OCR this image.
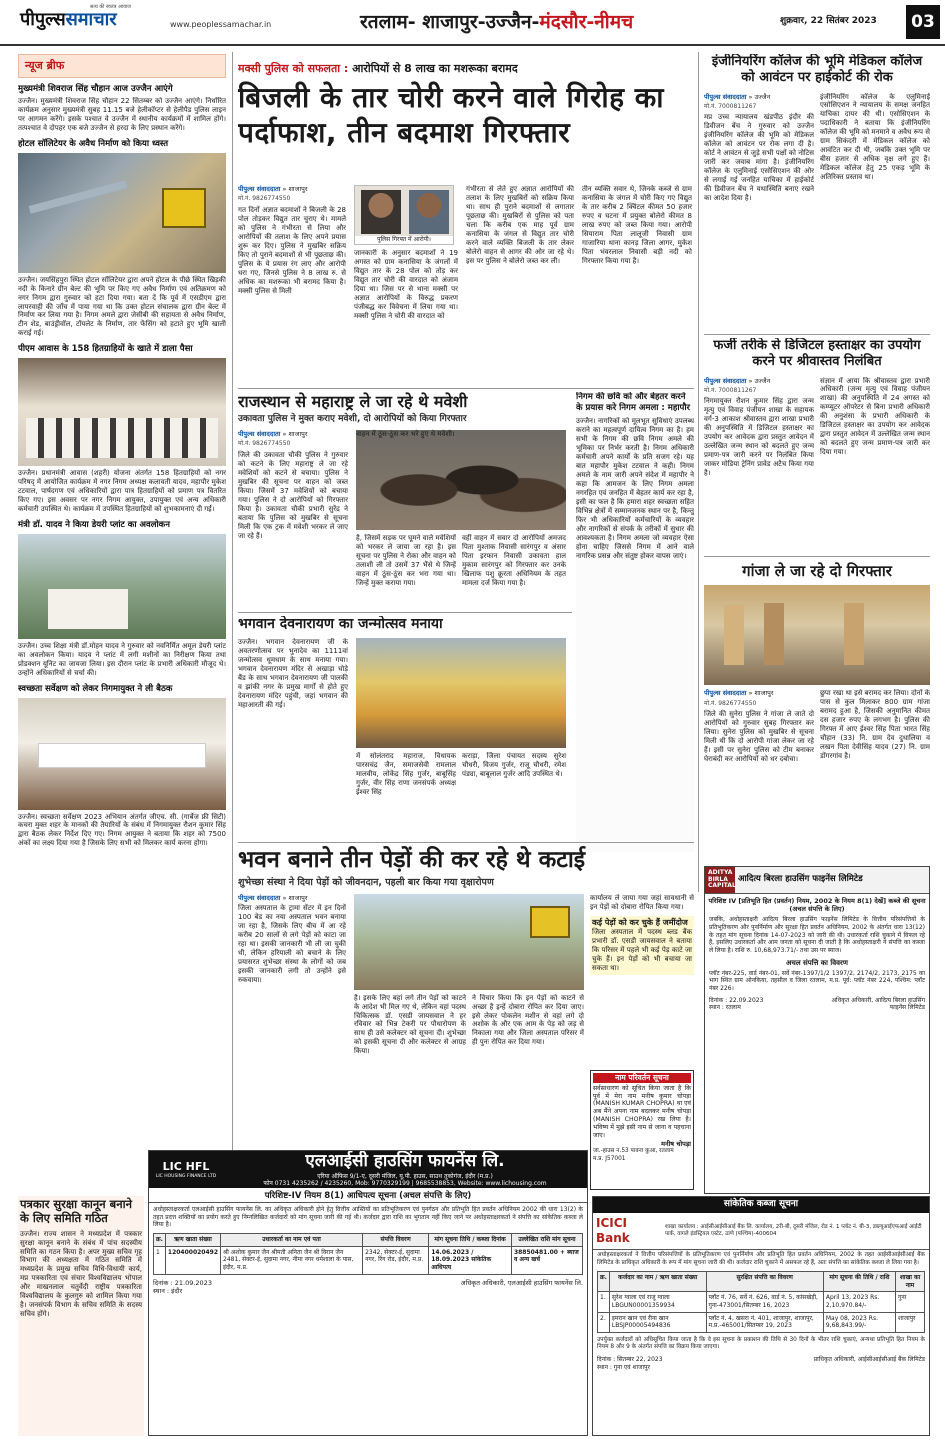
सत्य की स्वतंत्र आवाज
पीपुल्ससमाचार	www.peoplessamachar.in	रतलाम- शाजापुर-उज्जैन-मंदसौर-नीमच	शुक्रवार, 22 सितंबर 2023	03
न्यूज ब्रीफ
मुख्यमंत्री शिवराज सिंह चौहान आज उज्जैन आएंगे
उज्जैन। मुख्यमंत्री शिवराज सिंह चौहान 22 सितम्बर को उज्जैन आएंगे। निर्धारित कार्यक्रम अनुसार मुख्यमंत्री सुबह 11.15 बजे हेलीकॉप्टर से हेलीपैड पुलिस लाइन पर आगमन करेंगे। इसके पश्चात वे उज्जैन में स्थानीय कार्यक्रमों में शामिल होंगे। तत्पश्चात वे दोपहर एक बजे उज्जैन से हरदा के लिए प्रस्थान करेंगे।
होटल सॉलिटेयर के अवैध निर्माण को किया ध्वस्त
उज्जैन। जयसिंहपुरा स्थित होटल सॉलिटेयर द्वारा अपने होटल के पीछे स्थित खिड़की नदी के किनारे ग्रीन बेल्ट की भूमि पर किए गए अवैध निर्माण एवं अतिक्रमण को नगर निगम द्वारा गुरुवार को हटा दिया गया। बता दें कि पूर्व में एसडीएम द्वारा लापरवाही की जाँच में पाया गया था कि उक्त होटल संचालक द्वारा ग्रीन बेल्ट में निर्माण कर लिया गया है। निगम अमले द्वारा जेसीबी की सहायता से अवैध निर्माण, टीन शेड, बाउंड्रीवॉल, टॉयलेट के निर्माण, तार फेंसिंग को हटाते हुए भूमि खाली कराई गई।
पीएम आवास के 158 हितग्राहियों के खाते में डाला पैसा
उज्जैन। प्रधानमंत्री आवास (शहरी) योजना अंतर्गत 158 हितग्राहियों को नगर परिषद् में आयोजित कार्यक्रम में नगर निगम अध्यक्ष कलावती यादव, महापौर मुकेश टटवाल, पार्षदगण एवं अधिकारियों द्वारा पात्र हितग्राहियों को प्रमाण पत्र वितरित किए गए। इस अवसर पर नगर निगम आयुक्त, उपायुक्त एवं अन्य अधिकारी कर्मचारी उपस्थित थे। कार्यक्रम में उपस्थित हितग्राहियों को शुभकामनाएं दी गईं।
मंत्री डॉ. यादव ने किया डेयरी प्लांट का अवलोकन
उज्जैन। उच्च शिक्षा मंत्री डॉ.मोहन यादव ने गुरुवार को नवनिर्मित अमूल डेयरी प्लांट का अवलोकन किया। यादव ने प्लांट में लगी मशीनों का निरीक्षण किया तथा प्रोडक्शन यूनिट का जायजा लिया। इस दौरान प्लांट के प्रभारी अधिकारी मौजूद थे। उन्होंने अधिकारियों से चर्चा की।
स्वच्छता सर्वेक्षण को लेकर निगमायुक्त ने ली बैठक
उज्जैन। स्वच्छता सर्वेक्षण 2023 अभियान अंतर्गत जीएच. सी. (गार्बेज फ्री सिटी) कचरा मुक्त शहर के मानकों की तैयारियों के संबंध में निगमायुक्त रौशन कुमार सिंह द्वारा बैठक लेकर निर्देश दिए गए। निगम आयुक्त ने बताया कि शहर को 7500 अंकों का लक्ष्य दिया गया है जिसके लिए सभी को मिलकर कार्य करना होगा।
मक्सी पुलिस को सफलता : आरोपियों से 8 लाख का मशरूका बरामद
बिजली के तार चोरी करने वाले गिरोह का पर्दाफाश, तीन बदमाश गिरफ्तार
पीपुल्स संवाददाता » शाजापुर
मो.नं. 9826774550
गत दिनों अज्ञात बदमाशों ने बिजली के 28 पोल तोड़कर विद्युत तार चुराए थे। मामले को पुलिस ने गंभीरता से लिया और आरोपियों की तलाश के लिए अपने प्रयास शुरू कर दिए। पुलिस ने मुखबिर सक्रिय किए तो पुराने बदमाशों से भी पूछताछ की। पुलिस के ये प्रयास रंग लाए और आरोपी धरा गए, जिनसे पुलिस ने 8 लाख रु. से अधिक का मशरूका भी बरामद किया है। मक्सी पुलिस से मिली
पुलिस गिरफ्त में आरोपी।
जानकारी के अनुसार बदमाशों ने 19 अगस्त को ग्राम कनासिया के जंगलों में विद्युत तार के 28 पोल को तोड़ कर विद्युत तार चोरी की वारदात को अंजाम दिया था। जिस पर से थाना मक्सी पर अज्ञात आरोपियों के विरुद्ध प्रकरण पंजीबद्ध कर विवेचना में लिया गया था। मक्सी पुलिस ने चोरी की वारदात को
गंभीरता से लेते हुए अज्ञात आरोपियों की तलाश के लिए मुखबिरों को सक्रिय किया था। साथ ही पुराने बदमाशों से लगातार पूछताछ की। मुखबिरों से पुलिस को पता चला कि करीब एक माह पूर्व ग्राम कनासिया के जंगल से विद्युत तार चोरी करने वाले व्यक्ति बिजली के तार लेकर बोलेरो वाहन से आगर की ओर जा रहे थे। इस पर पुलिस ने बोलेरो जब्त कर ली।
तीन व्यक्ति सवार थे, जिनके कब्जे से ग्राम कनासिया के जंगल में चोरी किए गए विद्युत के तार करीब 2 क्विंटल कीमत 50 हजार रुपए व घटना में प्रयुक्त बोलेरो कीमत 8 लाख रुपए को जब्त किया गया। आरोपी सियाराम पिता लालूजी निवासी ग्राम गाजारिया थाना कानड़ जिला आगर, मुकेश पिता भंवरलाल निवासी बड़ी नदी को गिरफ्तार किया गया है।
इंजीनियरिंग कॉलेज की भूमि मेडिकल कॉलेज को आवंटन पर हाईकोर्ट की रोक
पीपुल्स संवाददाता » उज्जैन
मो.नं. 7000811267
मप्र उच्च न्यायालय खंडपीठ इंदौर की डिवीजन बेंच ने गुरुवार को उज्जैन इंजीनियरिंग कॉलेज की भूमि को मेडिकल कॉलेज को आवंटन पर रोक लगा दी है। कोर्ट ने आवंटन से जुड़े सभी पक्षों को नोटिस जारी कर जवाब मांगा है। इंजीनियरिंग कॉलेज के एलुमिनाई एसोसिएशन की ओर से लगाई गई जनहित याचिका में हाईकोर्ट की डिवीजन बेंच ने यथास्थिति बनाए रखने का आदेश दिया है।
इंजीनियरिंग कॉलेज के एलुमिनाई एसोसिएशन ने न्यायालय के समक्ष जनहित याचिका दायर की थी। एसोसिएशन के पदाधिकारी ने बताया कि इंजीनियरिंग कॉलेज की भूमि को मनमाने व अवैध रूप से ग्राम सिकंदरी में मेडिकल कॉलेज को आवंटित कर दी थी, जबकि उक्त भूमि पर बीस हजार से अधिक वृक्ष लगे हुए हैं। मेडिकल कॉलेज हेतु 25 एकड़ भूमि के अतिरिक्त प्रस्ताव था।
फर्जी तरीके से डिजिटल हस्ताक्षर का उपयोग करने पर श्रीवास्तव निलंबित
पीपुल्स संवाददाता » उज्जैन
मो.नं. 7000811267
निगमायुक्त रौशन कुमार सिंह द्वारा जन्म मृत्यु एवं विवाह पंजीयन शाखा के सहायक वर्ग-3 आकाश श्रीवास्तव द्वारा शाखा प्रभारी की अनुपस्थिति में डिजिटल हस्ताक्षर का उपयोग कर आवेदक द्वारा प्रस्तुत आवेदन में उल्लेखित जन्म स्थान को बदलते हुए जन्म प्रमाण-पत्र जारी करने पर निलंबित किया जाकर मोडिया ट्रेनिंग प्रावेड अटैच किया गया है।
संज्ञान में आया कि श्रीवास्तव द्वारा प्रभारी अधिकारी (जन्म मृत्यु एवं विवाह पंजीयन शाखा) की अनुपस्थिति में 24 अगस्त को कम्प्यूटर ऑपरेटर से बिना प्रभारी अधिकारी की अनुशंसा के प्रभारी अधिकारी के डिजिटल हस्ताक्षर का उपयोग कर आवेदक द्वारा प्रस्तुत आवेदन में उल्लेखित जन्म स्थान को बदलते हुए जन्म प्रमाण-पत्र जारी कर दिया गया।
राजस्थान से महाराष्ट्र ले जा रहे थे मवेशी
उकावता पुलिस ने मुक्त कराए मवेशी, दो आरोपियों को किया गिरफ्तार
पीपुल्स संवाददाता » शाजापुर
मो.नं. 9826774550
जिले की उकावता चौकी पुलिस ने गुरुवार को कटने के लिए महाराष्ट्र ले जा रहे मवेशियों को कटने से बचाया। पुलिस ने मुखबिर की सूचना पर वाहन को जब्त किया। जिसमें 37 मवेशियों को बचाया गया। पुलिस ने दो आरोपियों को गिरफ्तार किया है। उकावता चौकी प्रभारी सुरेंद्र ने बताया कि पुलिस को मुखबिर से सूचना मिली कि एक ट्रक में मवेशी भरकर ले जाए जा रहे हैं।
वाहन में ठूंस-ठूंस कर भरे हुए थे मवेशी।
है, जिसमें सड़क पर घूमने वाले मवेशियों को भरकर ले जाया जा रहा है। इस सूचना पर पुलिस ने रोका और वाहन को तलाशी ली तो उसमें 37 भैंसे थे जिन्हें वाहन में ठूंस-ठूंस कर भरा गया था। जिन्हें मुक्त कराया गया।
वहीं वाहन में सवार दो आरोपियों अमजद पिता मुश्ताक निवासी सारंगपुर व अंसार पिता इरफान निवासी उकावता हाल मुकाम सारंगपुर को गिरफ्तार कर उनके खिलाफ पशु क्रूरता अधिनियम के तहत मामला दर्ज किया गया है।
निगम की छवि को और बेहतर करने के प्रयास करे निगम अमला : महापौर
उज्जैन। नागरिकों को मूलभूत सुविधाएं उपलब्ध कराने का महत्वपूर्ण दायित्व निगम का है। हम सभी के निगम की छवि निगम अमले की भूमिका पर निर्भर करती है। निगम अधिकारी कर्मचारी अपने कार्यों के प्रति सजग रहे। यह बात महापौर मुकेश टटवाल ने कही। निगम अमले के नाम जारी अपने संदेश में महापौर ने कहा कि आमजन के लिए निगम अमला नगरहित एवं जनहित में बेहतर कार्य कर रहा है, इसी का फल है कि हमारा शहर स्वच्छता सहित विभिन्न क्षेत्रों में सम्मानजनक स्थान पर है, किन्तु फिर भी अधिकारियों कर्मचारियों के व्यवहार और नागरिकों से संपर्क के तरीकों में सुधार की आवश्यकता है। निगम अमला जो व्यवहार ऐसा होना चाहिए जिससे निगम में आने वाले नागरिक प्रसन्न और संतुष्ट होकर वापस जाएं।
गांजा ले जा रहे दो गिरफ्तार
पीपुल्स संवाददाता » शाजापुर
मो.नं. 9826774550
जिले की सुनेरा पुलिस ने गांजा ले जाते दो आरोपियों को गुरुवार सुबह गिरफ्तार कर लिया। सुनेरा पुलिस को मुखबिर से सूचना मिली थी कि दो आरोपी गांजा लेकर जा रहे हैं। इसी पर सुनेरा पुलिस को टीम बनाकर घेराबंदी कर आरोपियों को धर दबोचा।
छुपा रखा था इसे बरामद कर लिया। दोनों के पास से कुल मिलाकर 800 ग्राम गांजा बरामद हुआ है, जिसकी अनुमानित कीमत दस हजार रुपए के लगभग है। पुलिस की गिरफ्त में आए ईश्वर सिंह पिता भारत सिंह चौहान (33) नि. ग्राम देव दुधालिया व लखन पिता देवीसिंह यादव (27) नि. ग्राम डोंगरगांव है।
भगवान देवनारायण का जन्मोत्सव मनाया
उज्जैन। भगवान देवनारायण जी के अवतरणोत्सव पर भुनादेव का 1111वां जन्मोत्सव धूमधाम के साथ मनाया गया। भगवान देवनारायण मंदिर से अखाड़ा घोड़े बैंड के साथ भगवान देवनारायण जी पालकी व झांकी नगर के प्रमुख मार्गों से होते हुए देवनारायण मंदिर पहुंची, जहां भगवान की महाआरती की गई।
में सोलंतराद महाराज, विधायक पारसचंद्र जैन, समाजसेवी रामलाल मालवीय, लोकेंद्र सिंह गुर्जर, बाबूसिंह गुर्जर, वीर सिंह राणा जनसंपर्क अध्यक्ष ईश्वर सिंह
कराड़ा, जिला पंचायत सदस्य सुरेश चौधरी, विजय गुर्जर, राजू चौधरी, रमेश पंड्या, बाबूलाल गुर्जर आदि उपस्थित थे।
भवन बनाने तीन पेड़ों की कर रहे थे कटाई
शुभेच्छा संस्था ने दिया पेड़ों को जीवनदान, पहली बार किया गया वृक्षारोपण
पीपुल्स संवाददाता » शाजापुर
जिला अस्पताल के ट्रामा सेंटर में इन दिनों 100 बेड का नया अस्पताल भवन बनाया जा रहा है, जिसके लिए बीच में आ रहे करीब 20 सालों से लगे पेड़ों को काटा जा रहा था। इसकी जानकारी भी ली जा चुकी थी, लेकिन हरियाली को बचाने के लिए प्रयासरत शुभेच्छा संस्था के लोगों को जब इसकी जानकारी लगी तो उन्होंने इसे रुकवाया।
है। इसके लिए बहां लगे तीन पेड़ों को काटने के आदेश भी मिल गए थे, लेकिन वहां पदस्थ चिकित्सक डॉ. एसडी जायसवाल ने हर रविवार को भिन्न टेकरी पर पौधारोपण के साथ ही उसे कलेक्टर को सूचना दी। शुभेच्छा को इसकी सूचना दी और कलेक्टर से आग्रह किया।
ने विचार किया कि इन पेड़ों को काटने से अच्छा है इन्हें दोबारा रोपित कर दिया जाए। इसे लेकर पोकलेन मशीन से वहां लगे दो अशोक के और एक आम के पेड़ को जड़ से निकाला गया और जिला अस्पताल परिसर में ही पुनः रोपित कर दिया गया।
कार्यालय ले जाया गया जहां सावधानी से इन पेड़ों को दोबारा रोपित किया गया।
कई पेड़ों को कर चुके हैं जमींदोज
जिला अस्पताल में पदस्थ ब्लड बैंक प्रभारी डॉ. एसडी जायसवाल ने बताया कि परिसर में पहले भी कई पेड़ काटे जा चुके हैं। इन पेड़ों को भी बचाया जा सकता था।
नाम परिवर्तन सूचना
सर्वसाधारण को सूचित किया जाता है कि पूर्व में मेरा नाम मनीष कुमार चोपड़ा (MANISH KUMAR CHOPRA) था एवं अब मैंने अपना नाम बदलकर मनीष चोपड़ा (MANISH CHOPRA) रख लिया है। भविष्य में मुझे इसी नाम से जाना व पहचाना जाए।
मनीष चोपड़ा
जा.-हाउस न.53 पावना कुआ, रतलाम
म.प्र. J57001
ADITYA BIRLA CAPITAL
आदित्य बिरला हाउसिंग फाइनेंस लिमिटेड
परिशिष्ट IV [प्रतिभूति हित (प्रवर्तन) नियम, 2002 के नियम 8(1) देखें] कब्जे की सूचना (अचल संपत्ति के लिए)
जबकि, अधोहस्ताक्षरी आदित्य बिरला हाउसिंग फाइनेंस लिमिटेड के वित्तीय परिसंपत्तियों के प्रतिभूतिकरण और पुनर्निर्माण और सुरक्षा हित प्रवर्तन अधिनियम, 2002 के अंतर्गत धारा 13(12) के तहत मांग सूचना दिनांक 14-07-2023 को जारी की थी। उधारकर्ता राशि चुकाने में विफल रहे हैं, इसलिए उधारकर्ता और आम जनता को सूचना दी जाती है कि अधोहस्ताक्षरी ने संपत्ति का कब्जा ले लिया है। राशि रु. 10,68,973.71/- तथा उस पर ब्याज।
अचल संपत्ति का विवरण
प्लॉट नंबर-225, वार्ड नंबर-01, सर्वे नंबर-1397/1/2 1397/2, 2174/2, 2173, 2175 का भाग स्थित ग्राम ओनकिया, तहसील व जिला रतलाम, म.प्र. पूर्व: प्लॉट नंबर 224, पश्चिम: प्लॉट नंबर 226।
दिनांक : 22.09.2023
स्थान : रतलाम
अधिकृत अधिकारी, आदित्य बिरला हाउसिंग फाइनेंस लिमिटेड
पत्रकार सुरक्षा कानून बनाने के लिए समिति गठित
उज्जैन। राज्य शासन ने मध्यप्रदेश में पत्रकार सुरक्षा कानून बनाने के संबंध में पांच सदस्यीय समिति का गठन किया है। अपर मुख्य सचिव गृह विभाग की अध्यक्षता में गठित समिति में मध्यप्रदेश के प्रमुख सचिव विधि-विधायी कार्य, मप्र पत्रकारिता एवं संचार विश्वविद्यालय भोपाल और माखनलाल चतुर्वेदी राष्ट्रीय पत्रकारिता विश्वविद्यालय के कुलगुरु को शामिल किया गया है। जनसंपर्क विभाग के सचिव समिति के सदस्य सचिव होंगे।
LIC HFL
LIC HOUSING FINANCE LTD
एलआईसी हाउसिंग फायनेंस लि.
एरिया ऑफिस 9/1-ए, दूसरी मंजिल, यू.पी. हाउस, साउथ तुकोगंज, इंदौर (म.प्र.)
फोन 0731 4235262 / 4235260, Mob: 9770329199 | 9685538853, Website: www.lichousing.com
परिशिष्ट-IV नियम 8(1) आधिपत्य सूचना (अचल संपत्ति के लिए)
अधोहस्ताक्षरकर्ता एलआईसी हाउसिंग फायनेंस लि. का अधिकृत अधिकारी होने हेतु वित्तीय आस्तियों का प्रतिभूतिकरण एवं पुनर्गठन और प्रतिभूति हित प्रवर्तन अधिनियम 2002 की धारा 13(2) के तहत प्रदत्त शक्तियों का प्रयोग करते हुए निम्नलिखित कर्जदारों को मांग सूचना जारी की गई थी। कर्जदार द्वारा राशि का भुगतान नहीं किए जाने पर अधोहस्ताक्षरकर्ता ने संपत्ति का सांकेतिक कब्जा ले लिया है।
क्र.	ऋण खाता संख्या	उधारकर्ता का नाम एवं पता	संपत्ति विवरण	मांग सूचना तिथि / कब्जा दिनांक	उल्लेखित राशि मांग सूचना
1	120400020492	श्री अशोक कुमार जैन श्रीमती अनिता जैन श्री विरान जैन 2481, सेक्टर-ई, सुदामा नगर, नीमा नगर धर्मशाला के पास, इंदौर, म.प्र.	2342, सेक्टर-ई, सुदामा नगर, रिंग रोड, इंदौर, म.प्र.	14.06.2023 / 18.09.2023 सांकेतिक आधिपत्य	38850481.00 + ब्याज व अन्य खर्च
दिनांक : 21.09.2023
स्थान : इंदौर
अधिकृत अधिकारी, एलआईसी हाउसिंग फायनेंस लि.
सांकेतिक कब्जा सूचना
ICICI Bank
शाखा कार्यालय : आईसीआईसीआई बैंक लि. कार्यालय, 2री-बी, दूसरी मंजिल, रोड नं. 1 प्लॉट नं. बी-3, डब्ल्यूआईएफआई आईटी पार्क, वागले इंडस्ट्रियल एस्टेट, ठाणे (पश्चिम)-400604
अधोहस्ताक्षरकर्ता ने वित्तीय परिसंपत्तियों के प्रतिभूतिकरण एवं पुनर्निर्माण और प्रतिभूति हित प्रवर्तन अधिनियम, 2002 के तहत आईसीआईसीआई बैंक लिमिटेड के प्राधिकृत अधिकारी के रूप में मांग सूचना जारी की थी। कर्जदार राशि चुकाने में असफल रहे हैं, अतः संपत्ति का सांकेतिक कब्जा ले लिया गया है।
क्र.	कर्जदार का नाम / ऋण खाता संख्या	सुरक्षित संपत्ति का विवरण	मांग सूचना की तिथि / राशि	शाखा का नाम
1.	सुरेश ग्वाला एवं राजू ग्वाला LBGUN00001359934	प्लॉट नं. 76, सर्वे नं. 626, वार्ड नं. 5, कांसखेड़ी, गुना-473001/सितम्बर 16, 2023	April 13, 2023 Rs. 2,10,970.84/-	गुना
2.	इमरान खान एवं रीना खान LBSJP00005494836	प्लॉट नं. 4, खसरा नं. 401, शाजापुर, शाजापुर, म.प्र.-465001/सितम्बर 19, 2023	May 08, 2023 Rs. 9,68,843.99/-	शाजापुर
उपर्युक्त कर्जदारों को अधिसूचित किया जाता है कि वे इस सूचना के प्रकाशन की तिथि से 30 दिनों के भीतर राशि चुकाएं, अन्यथा प्रतिभूति हित नियम के नियम 8 और 9 के अंतर्गत संपत्ति का विक्रय किया जाएगा।
दिनांक : सितम्बर 22, 2023
स्थान : गुना एवं शाजापुर
प्राधिकृत अधिकारी, आईसीआईसीआई बैंक लिमिटेड
